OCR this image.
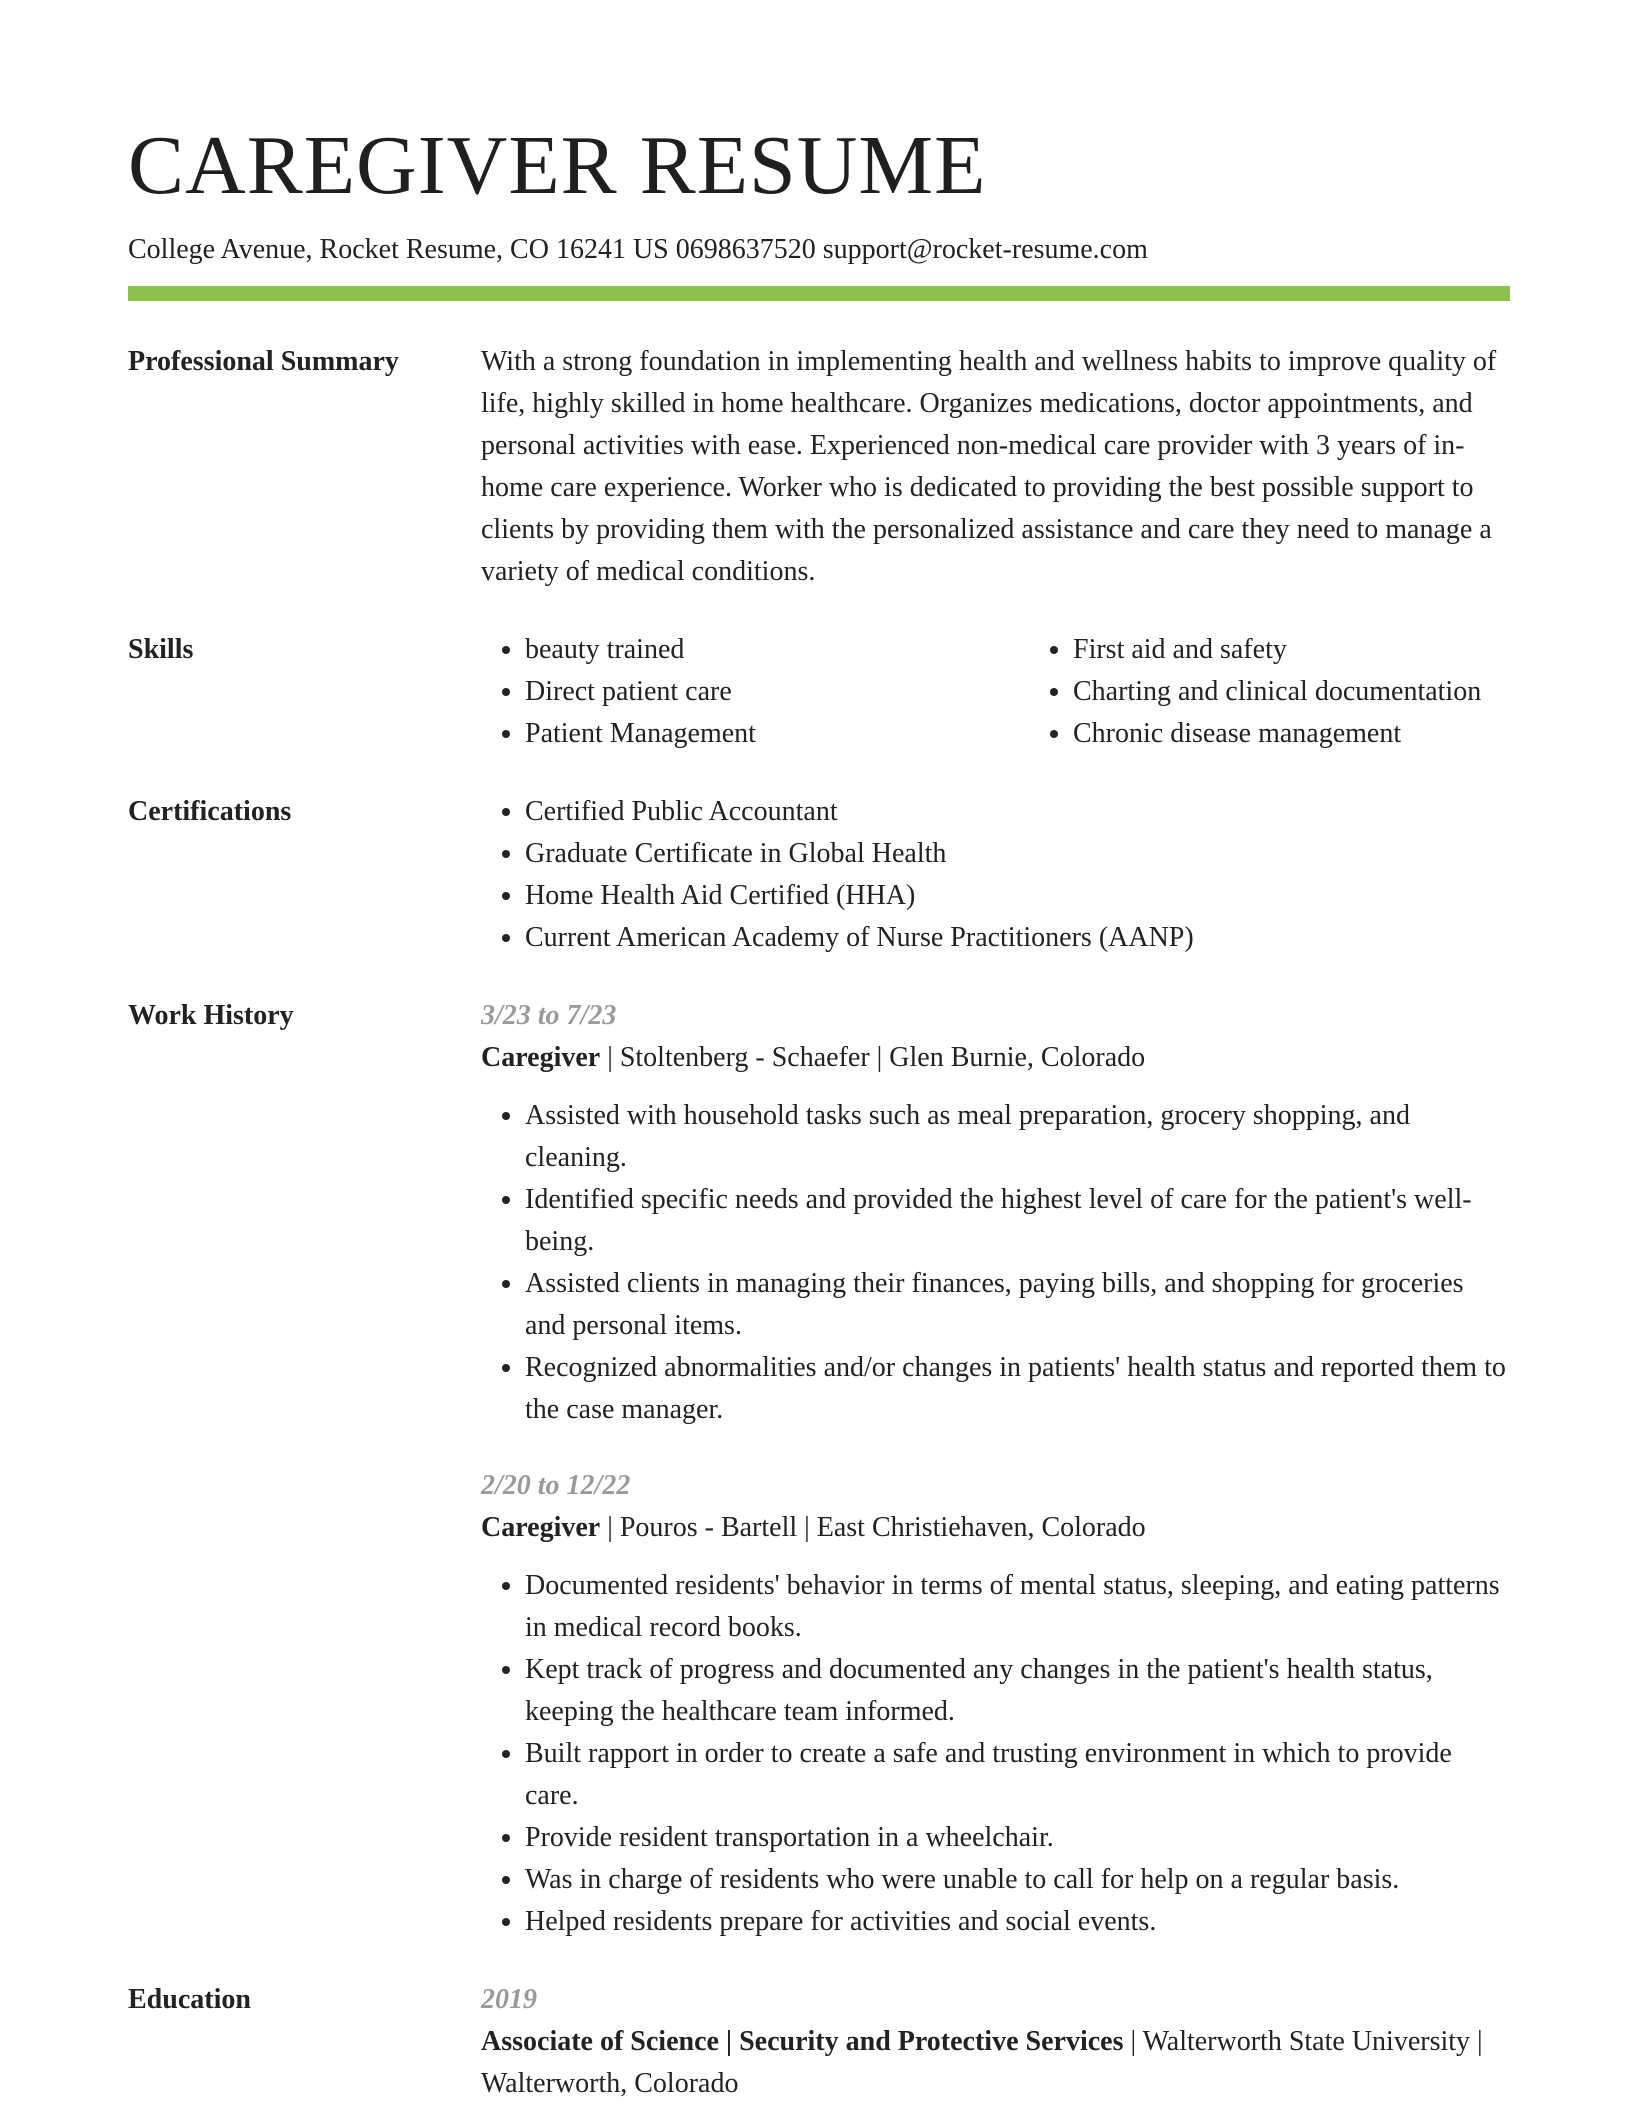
CAREGIVER RESUME
College Avenue, Rocket Resume, CO 16241 US 0698637520 support@rocket-resume.com
Professional Summary	With a strong foundation in implementing health and wellness habits to improve quality of life, highly skilled in home healthcare. Organizes medications, doctor appointments, and personal activities with ease. Experienced non-medical care provider with 3 years of in-home care experience. Worker who is dedicated to providing the best possible support to clients by providing them with the personalized assistance and care they need to manage a variety of medical conditions.

Skills	• beauty trained
• Direct patient care
• Patient Management
• First aid and safety
• Charting and clinical documentation
• Chronic disease management
Certifications	• Certified Public Accountant
• Graduate Certificate in Global Health
• Home Health Aid Certified (HHA)
• Current American Academy of Nurse Practitioners (AANP)
Work History	3/23 to 7/23
Caregiver | Stoltenberg - Schaefer | Glen Burnie, Colorado
• Assisted with household tasks such as meal preparation, grocery shopping, and cleaning.
• Identified specific needs and provided the highest level of care for the patient's well-being.
• Assisted clients in managing their finances, paying bills, and shopping for groceries and personal items.
• Recognized abnormalities and/or changes in patients' health status and reported them to the case manager.
2/20 to 12/22
Caregiver | Pouros - Bartell | East Christiehaven, Colorado
• Documented residents' behavior in terms of mental status, sleeping, and eating patterns in medical record books.
• Kept track of progress and documented any changes in the patient's health status, keeping the healthcare team informed.
• Built rapport in order to create a safe and trusting environment in which to provide care.
• Provide resident transportation in a wheelchair.
• Was in charge of residents who were unable to call for help on a regular basis.
• Helped residents prepare for activities and social events.
Education	2019
Associate of Science | Security and Protective Services | Walterworth State University | Walterworth, Colorado
